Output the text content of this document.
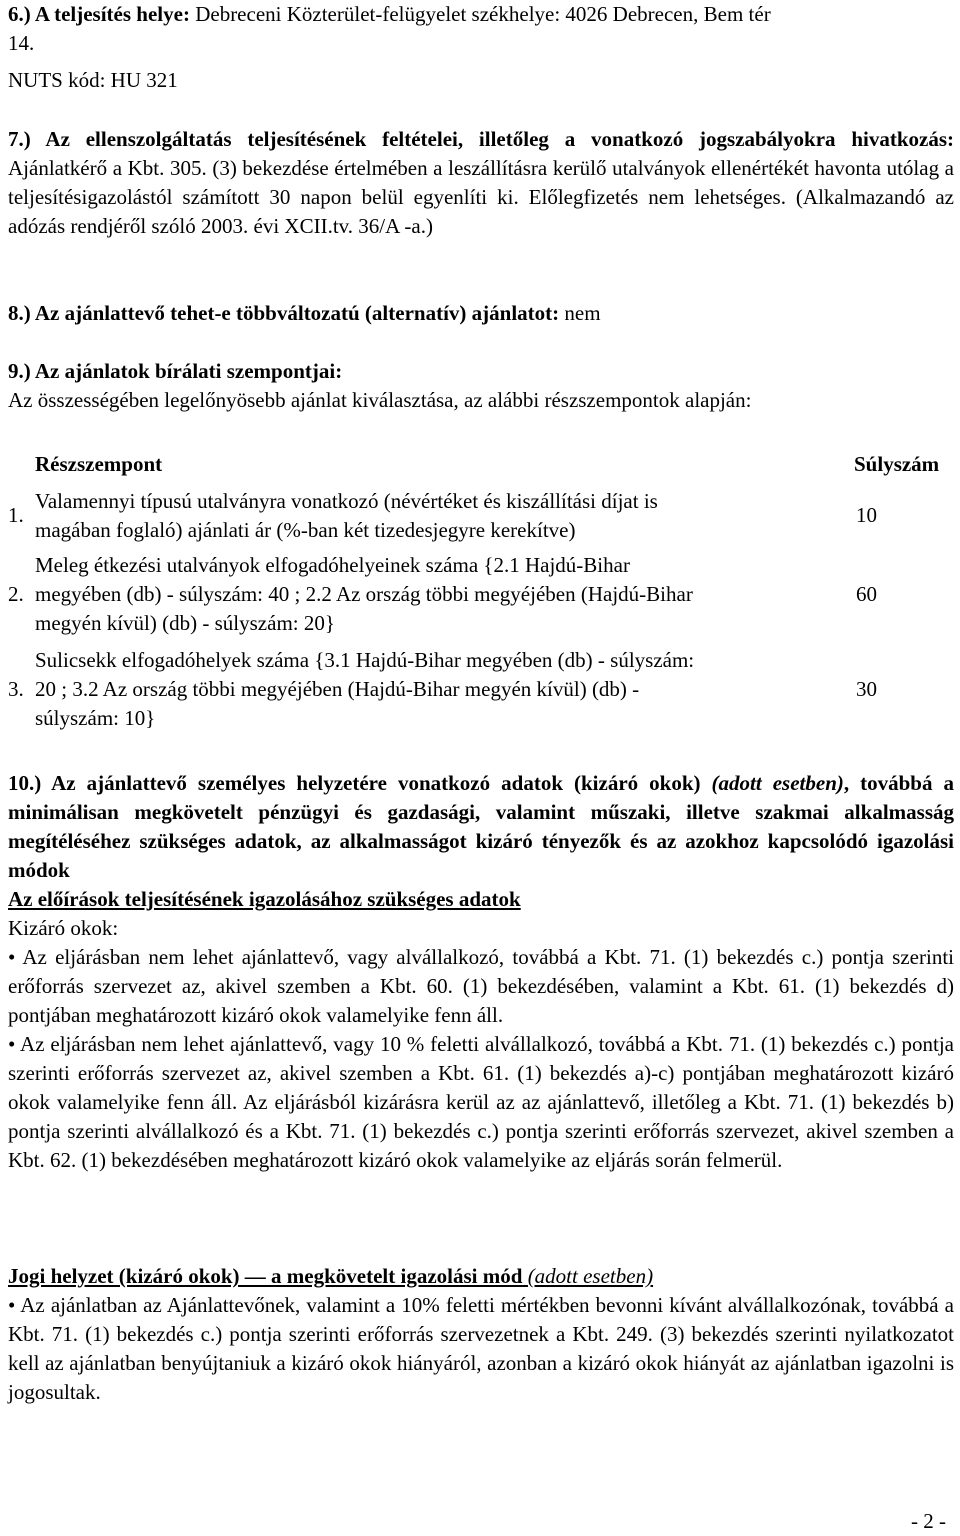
6.) A teljesítés helye: Debreceni Közterület-felügyelet székhelye: 4026 Debrecen, Bem tér
14.
NUTS kód: HU 321
7.) Az ellenszolgáltatás teljesítésének feltételei, illetőleg a vonatkozó jogszabályokra hivatkozás: Ajánlatkérő a Kbt. 305. (3) bekezdése értelmében a leszállításra kerülő utalványok ellenértékét havonta utólag a teljesítésigazolástól számított 30 napon belül egyenlíti ki. Előlegfizetés nem lehetséges. (Alkalmazandó az adózás rendjéről szóló 2003. évi XCII.tv. 36/A -a.)
8.) Az ajánlattevő tehet-e többváltozatú (alternatív) ajánlatot: nem
9.) Az ajánlatok bírálati szempontjai:
Az összességében legelőnyösebb ajánlat kiválasztása, az alábbi részszempontok alapján:
Részszempont	Súlyszám
1.
Valamennyi típusú utalványra vonatkozó (névértéket és kiszállítási díjat is
magában foglaló) ajánlati ár (%-ban két tizedesjegyre kerekítve)
10
2.
Meleg étkezési utalványok elfogadóhelyeinek száma {2.1 Hajdú-Bihar
megyében (db) - súlyszám: 40 ; 2.2 Az ország többi megyéjében (Hajdú-Bihar
megyén kívül) (db) - súlyszám: 20}
60
3.
Sulicsekk elfogadóhelyek száma {3.1 Hajdú-Bihar megyében (db) - súlyszám:
20 ; 3.2 Az ország többi megyéjében (Hajdú-Bihar megyén kívül) (db) -
súlyszám: 10}
30
10.) Az ajánlattevő személyes helyzetére vonatkozó adatok (kizáró okok) (adott esetben), továbbá a minimálisan megkövetelt pénzügyi és gazdasági, valamint műszaki, illetve szakmai alkalmasság megítéléséhez szükséges adatok, az alkalmasságot kizáró tényezők és az azokhoz kapcsolódó igazolási módok
Az előírások teljesítésének igazolásához szükséges adatok
Kizáró okok:
• Az eljárásban nem lehet ajánlattevő, vagy alvállalkozó, továbbá a Kbt. 71. (1) bekezdés c.) pontja szerinti erőforrás szervezet az, akivel szemben a Kbt. 60. (1) bekezdésében, valamint a Kbt. 61. (1) bekezdés d) pontjában meghatározott kizáró okok valamelyike fenn áll.
• Az eljárásban nem lehet ajánlattevő, vagy 10 % feletti alvállalkozó, továbbá a Kbt. 71. (1) bekezdés c.) pontja szerinti erőforrás szervezet az, akivel szemben a Kbt. 61. (1) bekezdés a)-c) pontjában meghatározott kizáró okok valamelyike fenn áll. Az eljárásból kizárásra kerül az az ajánlattevő, illetőleg a Kbt. 71. (1) bekezdés b) pontja szerinti alvállalkozó és a Kbt. 71. (1) bekezdés c.) pontja szerinti erőforrás szervezet, akivel szemben a Kbt. 62. (1) bekezdésében meghatározott kizáró okok valamelyike az eljárás során felmerül.
Jogi helyzet (kizáró okok) — a megkövetelt igazolási mód (adott esetben)
• Az ajánlatban az Ajánlattevőnek, valamint a 10% feletti mértékben bevonni kívánt alvállalkozónak, továbbá a Kbt. 71. (1) bekezdés c.) pontja szerinti erőforrás szervezetnek a Kbt. 249. (3) bekezdés szerinti nyilatkozatot kell az ajánlatban benyújtaniuk a kizáró okok hiányáról, azonban a kizáró okok hiányát az ajánlatban igazolni is jogosultak.
- 2 -
